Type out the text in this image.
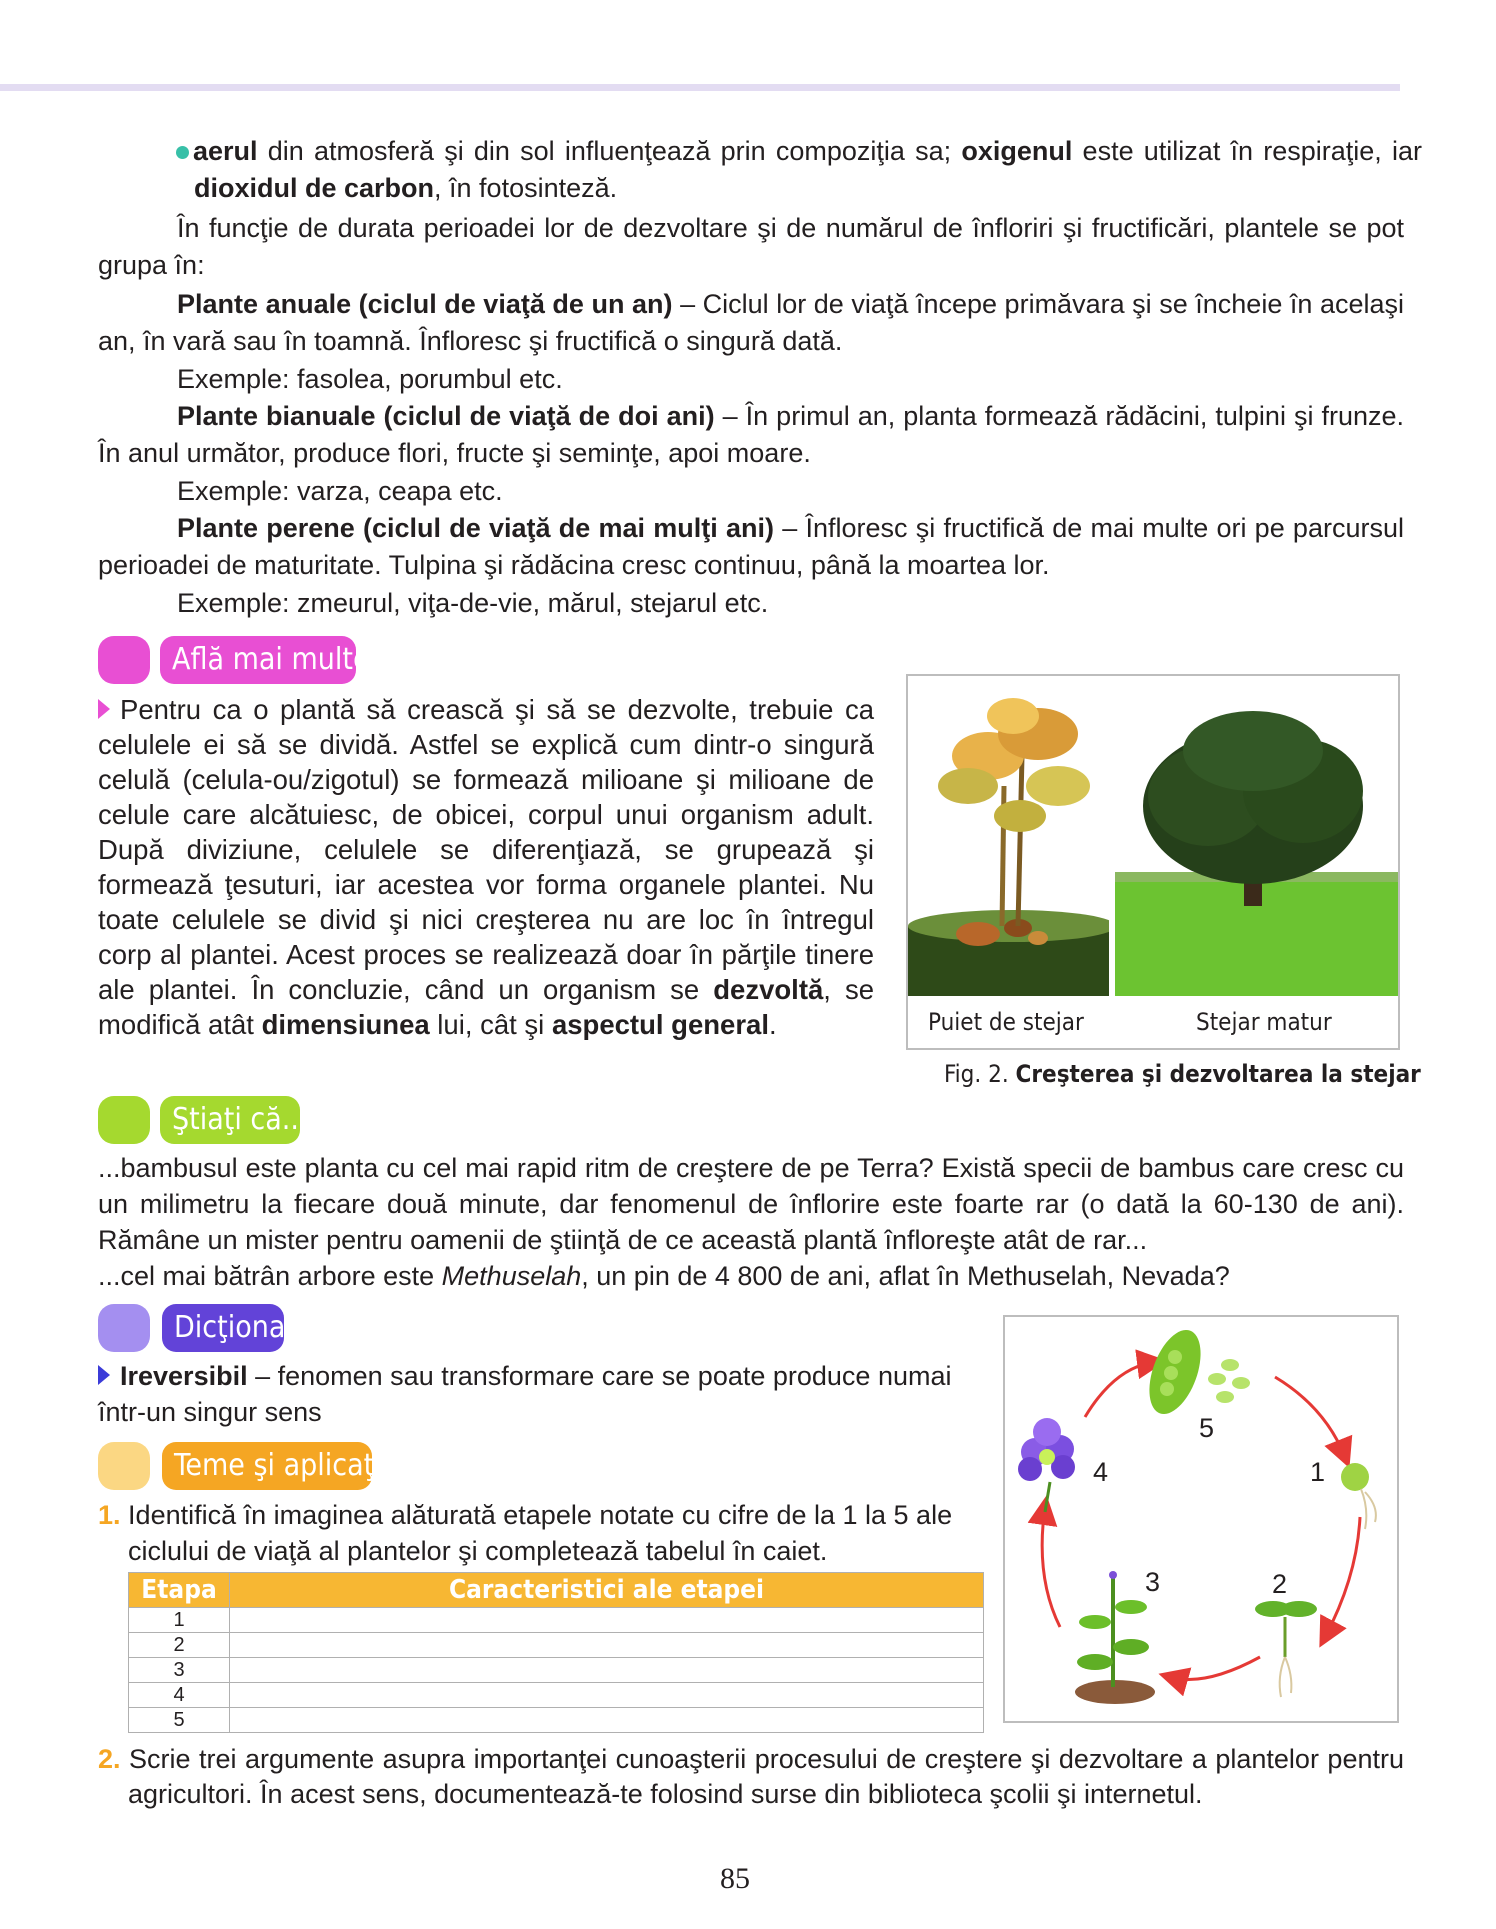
aerul din atmosferă şi din sol influenţează prin compoziţia sa; oxigenul este utilizat în respiraţie, iar dioxidul de carbon, în fotosinteză.

În funcţie de durata perioadei lor de dezvoltare şi de numărul de înfloriri şi fructificări, plantele se pot grupa în:

Plante anuale (ciclul de viaţă de un an) – Ciclul lor de viaţă începe primăvara şi se încheie în acelaşi an, în vară sau în toamnă. Înfloresc şi fructifică o singură dată.

Exemple: fasolea, porumbul etc.

Plante bianuale (ciclul de viaţă de doi ani) – În primul an, planta formează rădăcini, tulpini şi frunze. În anul următor, produce flori, fructe şi seminţe, apoi moare.

Exemple: varza, ceapa etc.

Plante perene (ciclul de viaţă de mai mulţi ani) – Înfloresc şi fructifică de mai multe ori pe parcursul perioadei de maturitate. Tulpina şi rădăcina cresc continuu, până la moartea lor.

Exemple: zmeurul, viţa-de-vie, mărul, stejarul etc.

Află mai multe!

Pentru ca o plantă să crească şi să se dezvolte, trebuie ca celulele ei să se dividă. Astfel se explică cum dintr-o singură celulă (celula-ou/zigotul) se formează milioane şi milioane de celule care alcătuiesc, de obicei, corpul unui organism adult. După diviziune, celulele se diferenţiază, se grupează şi formează ţesuturi, iar acestea vor forma organele plantei. Nu toate celulele se divid şi nici creşterea nu are loc în întregul corp al plantei. Acest proces se realizează doar în părţile tinere ale plantei. În concluzie, când un organism se dezvoltă, se modifică atât dimensiunea lui, cât şi aspectul general.	Puiet de stejar	Stejar matur
Fig. 2. Creşterea şi dezvoltarea la stejar
Ştiaţi că...

...bambusul este planta cu cel mai rapid ritm de creştere de pe Terra? Există specii de bambus care cresc cu un milimetru la fiecare două minute, dar fenomenul de înflorire este foarte rar (o dată la 60-130 de ani). Rămâne un mister pentru oamenii de ştiinţă de ce această plantă înfloreşte atât de rar...

...cel mai bătrân arbore este Methuselah, un pin de 4 800 de ani, aflat în Methuselah, Nevada?

Dicţionar

Ireversibil – fenomen sau transformare care se poate produce numai într-un singur sens

Teme şi aplicaţii

1. Identifică în imaginea alăturată etapele notate cu cifre de la 1 la 5 ale ciclului de viaţă al plantelor şi completează tabelul în caiet.

Etapa	Caracteristici ale etapei
1	
2	
3	
4	
5	
5
1
2
3
4

2. Scrie trei argumente asupra importanţei cunoaşterii procesului de creştere şi dezvoltare a plantelor pentru agricultori. În acest sens, documentează-te folosind surse din biblioteca şcolii şi internetul.

85
